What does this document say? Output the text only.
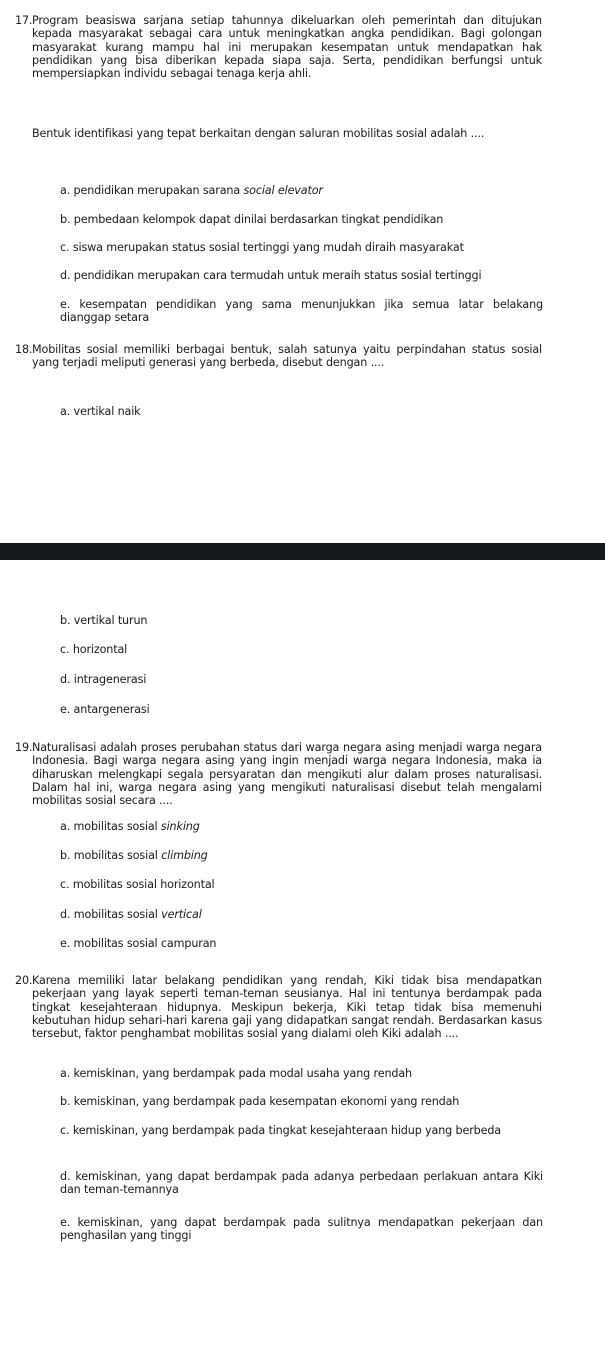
17. Program beasiswa sarjana setiap tahunnya dikeluarkan oleh pemerintah dan ditujukan kepada masyarakat sebagai cara untuk meningkatkan angka pendidikan. Bagi golongan masyarakat kurang mampu hal ini merupakan kesempatan untuk mendapatkan hak pendidikan yang bisa diberikan kepada siapa saja. Serta, pendidikan berfungsi untuk mempersiapkan individu sebagai tenaga kerja ahli.
Bentuk identifikasi yang tepat berkaitan dengan saluran mobilitas sosial adalah ....
a. pendidikan merupakan sarana social elevator
b. pembedaan kelompok dapat dinilai berdasarkan tingkat pendidikan
c. siswa merupakan status sosial tertinggi yang mudah diraih masyarakat
d. pendidikan merupakan cara termudah untuk meraih status sosial tertinggi
e. kesempatan pendidikan yang sama menunjukkan jika semua latar belakang dianggap setara
18. Mobilitas sosial memiliki berbagai bentuk, salah satunya yaitu perpindahan status sosial yang terjadi meliputi generasi yang berbeda, disebut dengan ....
a. vertikal naik
b. vertikal turun
c. horizontal
d. intragenerasi
e. antargenerasi
19. Naturalisasi adalah proses perubahan status dari warga negara asing menjadi warga negara Indonesia. Bagi warga negara asing yang ingin menjadi warga negara Indonesia, maka ia diharuskan melengkapi segala persyaratan dan mengikuti alur dalam proses naturalisasi. Dalam hal ini, warga negara asing yang mengikuti naturalisasi disebut telah mengalami mobilitas sosial secara ....
a. mobilitas sosial sinking
b. mobilitas sosial climbing
c. mobilitas sosial horizontal
d. mobilitas sosial vertical
e. mobilitas sosial campuran
20. Karena memiliki latar belakang pendidikan yang rendah, Kiki tidak bisa mendapatkan pekerjaan yang layak seperti teman-teman seusianya. Hal ini tentunya berdampak pada tingkat kesejahteraan hidupnya. Meskipun bekerja, Kiki tetap tidak bisa memenuhi kebutuhan hidup sehari-hari karena gaji yang didapatkan sangat rendah. Berdasarkan kasus tersebut, faktor penghambat mobilitas sosial yang dialami oleh Kiki adalah ....
a. kemiskinan, yang berdampak pada modal usaha yang rendah
b. kemiskinan, yang berdampak pada kesempatan ekonomi yang rendah
c. kemiskinan, yang berdampak pada tingkat kesejahteraan hidup yang berbeda
d. kemiskinan, yang dapat berdampak pada adanya perbedaan perlakuan antara Kiki dan teman-temannya
e. kemiskinan, yang dapat berdampak pada sulitnya mendapatkan pekerjaan dan penghasilan yang tinggi
